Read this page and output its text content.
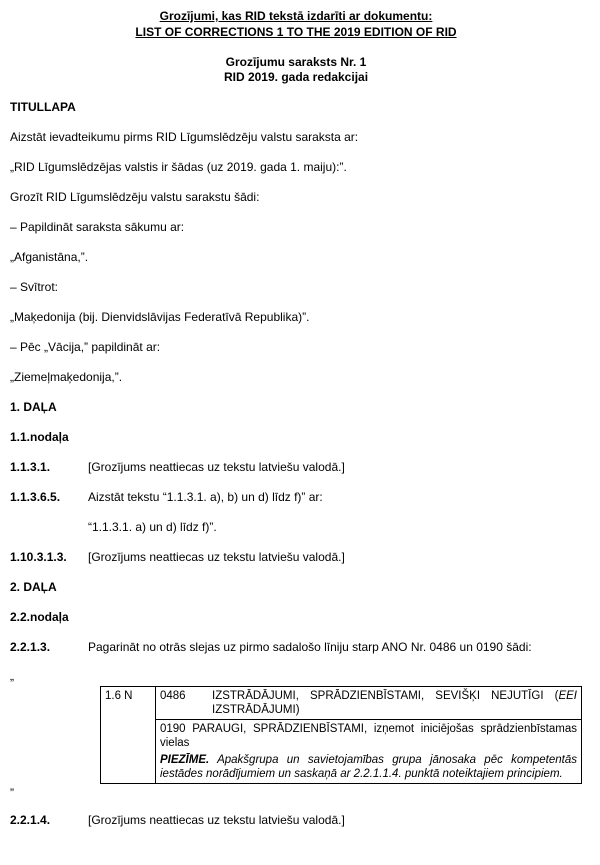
Grozījumi, kas RID tekstā izdarīti ar dokumentu:
LIST OF CORRECTIONS 1 TO THE 2019 EDITION OF RID
Grozījumu saraksts Nr. 1
RID 2019. gada redakcijai

TITULLAPA

Aizstāt ievadteikumu pirms RID Līgumslēdzēju valstu saraksta ar:

„RID Līgumslēdzējas valstis ir šādas (uz 2019. gada 1. maiju):”.

Grozīt RID Līgumslēdzēju valstu sarakstu šādi:

– Papildināt saraksta sākumu ar:

„Afganistāna,”.

– Svītrot:

„Maķedonija (bij. Dienvidslāvijas Federatīvā Republika)”.

– Pēc „Vācija,” papildināt ar:

„Ziemeļmaķedonija,”.

1. DAĻA

1.1.nodaļa

1.1.3.1.	[Grozījums neattiecas uz tekstu latviešu valodā.]
1.1.3.6.5.	Aizstāt tekstu “1.1.3.1. a), b) un d) līdz f)” ar:

“1.1.3.1. a) un d) līdz f)”.

1.10.3.1.3.	[Grozījums neattiecas uz tekstu latviešu valodā.]

2. DAĻA

2.2.nodaļa

2.2.1.3.	Pagarināt no otrās slejas uz pirmo sadalošo līniju starp ANO Nr. 0486 un 0190 šādi:
„
1.6 N	0486	IZSTRĀDĀJUMI, SPRĀDZIENBĪSTAMI, SEVIŠĶI NEJUTĪGI (EEI IZSTRĀDĀJUMI)

0190 PARAUGI, SPRĀDZIENBĪSTAMI, izņemot iniciējošas sprādzienbīstamas vielas
PIEZĪME. Apakšgrupa un savietojamības grupa jānosaka pēc kompetentās iestādes norādījumiem un saskaņā ar 2.2.1.1.4. punktā noteiktajiem principiem.
”
2.2.1.4.	[Grozījums neattiecas uz tekstu latviešu valodā.]
